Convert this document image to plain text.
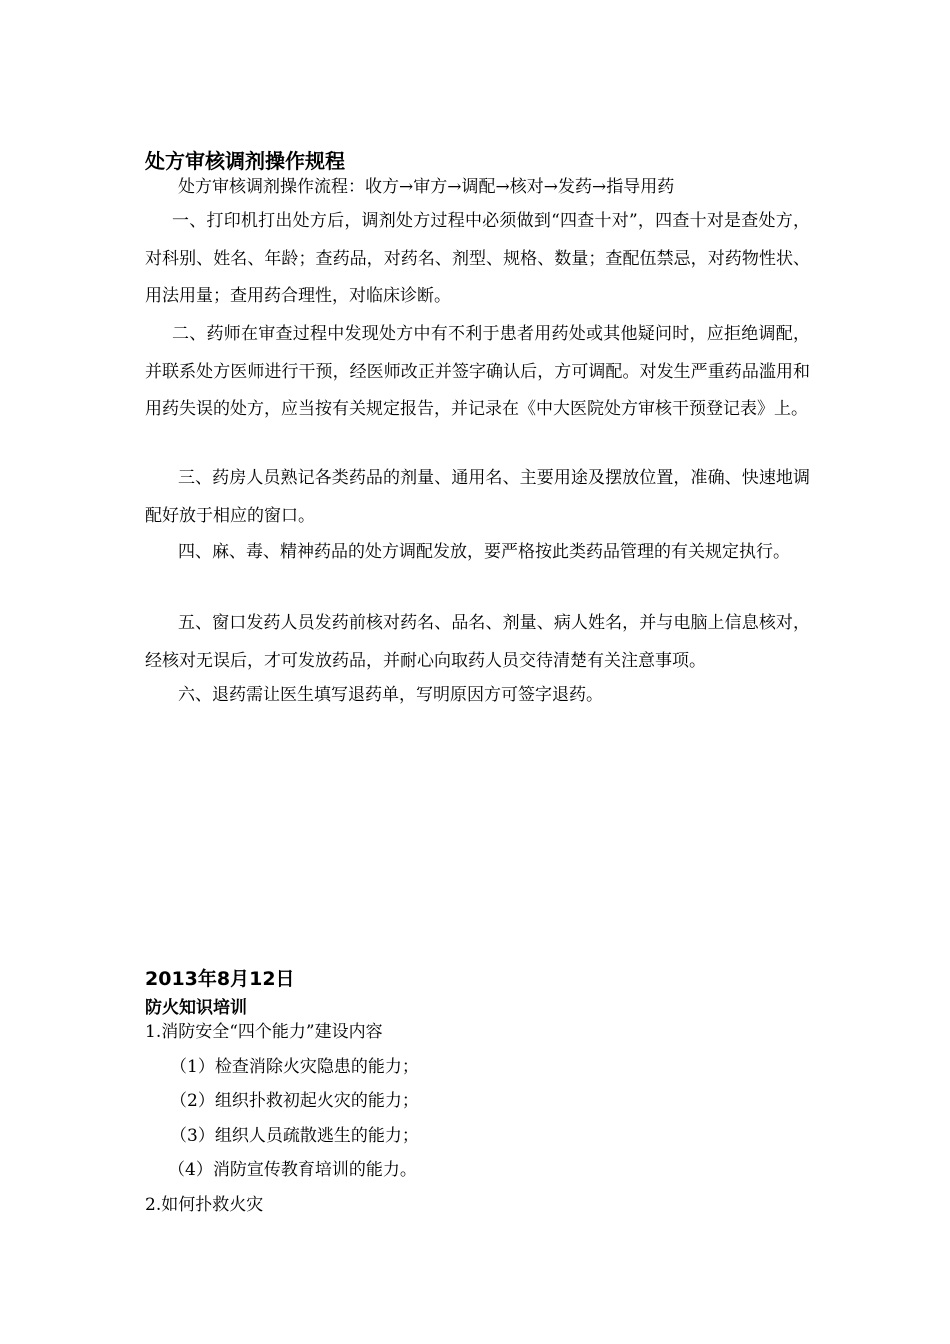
处方审核调剂操作规程
处方审核调剂操作流程：收方→审方→调配→核对→发药→指导用药
一、打印机打出处方后，调剂处方过程中必须做到“四查十对”，四查十对是查处方，对科别、姓名、年龄；查药品，对药名、剂型、规格、数量；查配伍禁忌，对药物性状、用法用量；查用药合理性，对临床诊断。
二、药师在审查过程中发现处方中有不利于患者用药处或其他疑问时，应拒绝调配，并联系处方医师进行干预，经医师改正并签字确认后，方可调配。对发生严重药品滥用和用药失误的处方，应当按有关规定报告，并记录在《中大医院处方审核干预登记表》上。
三、药房人员熟记各类药品的剂量、通用名、主要用途及摆放位置，准确、快速地调配好放于相应的窗口。
四、麻、毒、精神药品的处方调配发放，要严格按此类药品管理的有关规定执行。
五、窗口发药人员发药前核对药名、品名、剂量、病人姓名，并与电脑上信息核对，经核对无误后，才可发放药品，并耐心向取药人员交待清楚有关注意事项。
六、退药需让医生填写退药单，写明原因方可签字退药。
2013年8月12日
防火知识培训
1.消防安全“四个能力”建设内容
（1）检查消除火灾隐患的能力；
（2）组织扑救初起火灾的能力；
（3）组织人员疏散逃生的能力；
（4）消防宣传教育培训的能力。
2.如何扑救火灾
